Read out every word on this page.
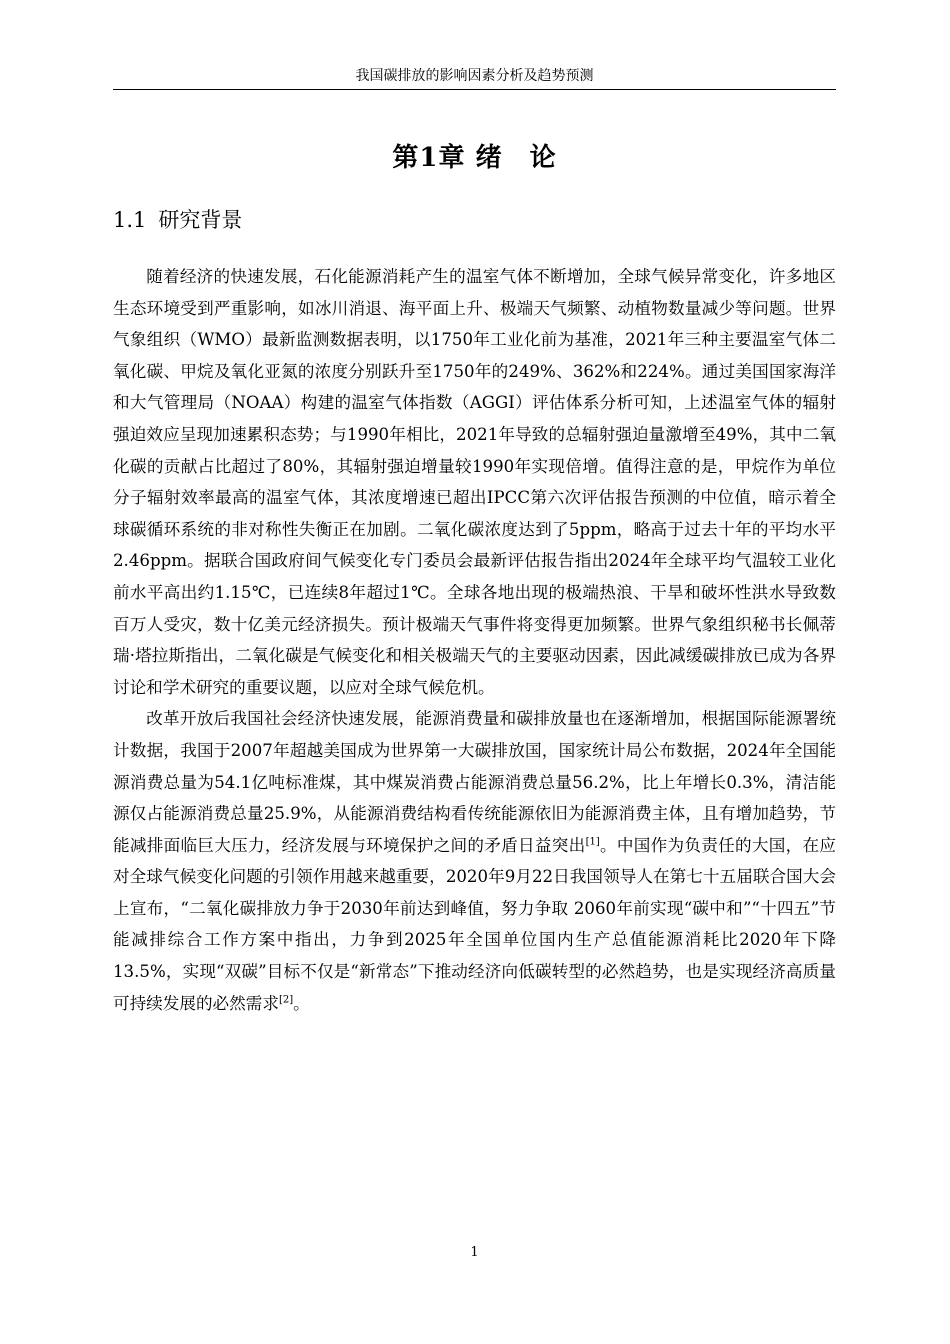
我国碳排放的影响因素分析及趋势预测
第1章 绪　论
1.1 研究背景

随着经济的快速发展，石化能源消耗产生的温室气体不断增加，全球气候异常变化，许多地区生态环境受到严重影响，如冰川消退、海平面上升、极端天气频繁、动植物数量减少等问题。世界气象组织（WMO）最新监测数据表明，以1750年工业化前为基准，2021年三种主要温室气体二氧化碳、甲烷及氧化亚氮的浓度分别跃升至1750年的249%、362%和224%。通过美国国家海洋和大气管理局（NOAA）构建的温室气体指数（AGGI）评估体系分析可知，上述温室气体的辐射强迫效应呈现加速累积态势；与1990年相比，2021年导致的总辐射强迫量激增至49%，其中二氧化碳的贡献占比超过了80%，其辐射强迫增量较1990年实现倍增。值得注意的是，甲烷作为单位分子辐射效率最高的温室气体，其浓度增速已超出IPCC第六次评估报告预测的中位值，暗示着全球碳循环系统的非对称性失衡正在加剧。二氧化碳浓度达到了5ppm，略高于过去十年的平均水平 2.46ppm。据联合国政府间气候变化专门委员会最新评估报告指出2024年全球平均气温较工业化前水平高出约1.15℃，已连续8年超过1℃。全球各地出现的极端热浪、干旱和破坏性洪水导致数百万人受灾，数十亿美元经济损失。预计极端天气事件将变得更加频繁。世界气象组织秘书长佩蒂瑞·塔拉斯指出，二氧化碳是气候变化和相关极端天气的主要驱动因素，因此减缓碳排放已成为各界讨论和学术研究的重要议题，以应对全球气候危机。

改革开放后我国社会经济快速发展，能源消费量和碳排放量也在逐渐增加，根据国际能源署统计数据，我国于2007年超越美国成为世界第一大碳排放国，国家统计局公布数据，2024年全国能源消费总量为54.1亿吨标准煤，其中煤炭消费占能源消费总量56.2%，比上年增长0.3%，清洁能源仅占能源消费总量25.9%，从能源消费结构看传统能源依旧为能源消费主体，且有增加趋势，节能减排面临巨大压力，经济发展与环境保护之间的矛盾日益突出[1]。中国作为负责任的大国，在应对全球气候变化问题的引领作用越来越重要，2020年9月22日我国领导人在第七十五届联合国大会上宣布，“二氧化碳排放力争于2030年前达到峰值，努力争取 2060年前实现“碳中和”“十四五”节能减排综合工作方案中指出，力争到2025年全国单位国内生产总值能源消耗比2020年下降13.5%，实现“双碳”目标不仅是“新常态”下推动经济向低碳转型的必然趋势，也是实现经济高质量可持续发展的必然需求[2]。

1
